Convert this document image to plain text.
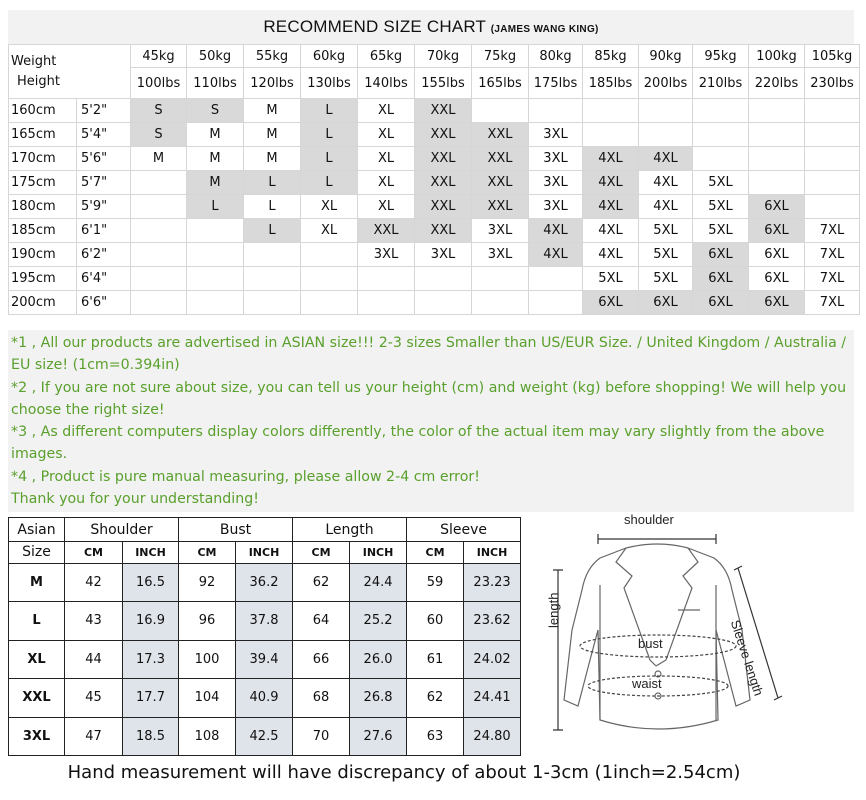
RECOMMEND SIZE CHART (JAMES WANG KING)
Weight
Height		45kg	50kg	55kg	60kg	65kg	70kg	75kg	80kg	85kg	90kg	95kg	100kg	105kg
		100lbs	110lbs	120lbs	130lbs	140lbs	155lbs	165lbs	175lbs	185lbs	200lbs	210lbs	220lbs	230lbs
160cm	5'2"	S	S	M	L	XL	XXL							
165cm	5'4"	S	M	M	L	XL	XXL	XXL	3XL					
170cm	5'6"	M	M	M	L	XL	XXL	XXL	3XL	4XL	4XL			
175cm	5'7"		M	L	L	XL	XXL	XXL	3XL	4XL	4XL	5XL		
180cm	5'9"		L	L	XL	XL	XXL	XXL	3XL	4XL	4XL	5XL	6XL	
185cm	6'1"			L	XL	XXL	XXL	3XL	4XL	4XL	5XL	5XL	6XL	7XL
190cm	6'2"					3XL	3XL	3XL	4XL	4XL	5XL	6XL	6XL	7XL
195cm	6'4"									5XL	5XL	6XL	6XL	7XL
200cm	6'6"									6XL	6XL	6XL	6XL	7XL

*1 , All our products are advertised in ASIAN size!!! 2-3 sizes Smaller than US/EUR Size. / United Kingdom / Australia / EU size! (1cm=0.394in)

*2 , If you are not sure about size, you can tell us your height (cm) and weight (kg) before shopping! We will help you choose the right size!

*3 , As different computers display colors differently, the color of the actual item may vary slightly from the above images.

*4 , Product is pure manual measuring, please allow 2-4 cm error!

Thank you for your understanding!

Asian	Shoulder		Bust		Length		Sleeve	
Size	CM	INCH	CM	INCH	CM	INCH	CM	INCH
M	42	16.5	92	36.2	62	24.4	59	23.23
L	43	16.9	96	37.8	64	25.2	60	23.62
XL	44	17.3	100	39.4	66	26.0	61	24.02
XXL	45	17.7	104	40.9	68	26.8	62	24.41
3XL	47	18.5	108	42.5	70	27.6	63	24.80
shoulder
length
bust
waist	Sleeve length
Hand measurement will have discrepancy of about 1-3cm (1inch=2.54cm)
